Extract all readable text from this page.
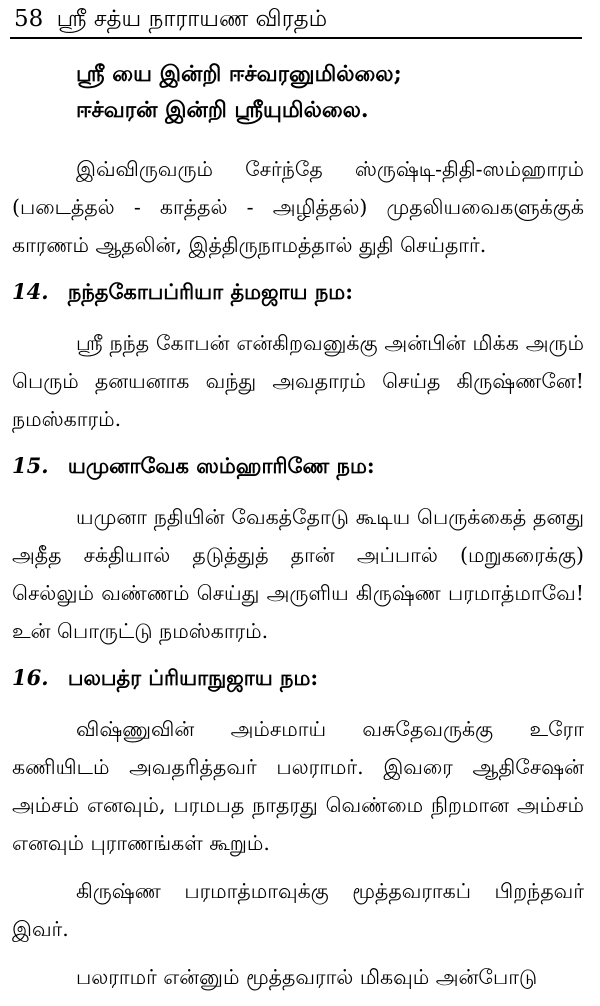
58 ஸ்ரீ சத்ய நாராயண விரதம்
ஸ்ரீ யை இன்றி ஈச்வரனுமில்லை;
ஈச்வரன் இன்றி ஸ்ரீயுமில்லை.

இவ்விருவரும் சேர்ந்தே ஸ்ருஷ்டி-திதி-ஸம்ஹாரம் (படைத்தல் - காத்தல் - அழித்தல்) முதலியவைகளுக்குக் காரணம் ஆதலின், இத்திருநாமத்தால் துதி செய்தார்.

14. நந்தகோபப்ரியா த்மஜாய நம:

ஸ்ரீ நந்த கோபன் என்கிறவனுக்கு அன்பின் மிக்க அரும் பெரும் தனயனாக வந்து அவதாரம் செய்த கிருஷ்ணனே! நமஸ்காரம்.

15. யமுனாவேக ஸம்ஹாரிணே நம:

யமுனா நதியின் வேகத்தோடு கூடிய பெருக்கைத் தனது அதீத சக்தியால் தடுத்துத் தான் அப்பால் (மறுகரைக்கு) செல்லும் வண்ணம் செய்து அருளிய கிருஷ்ண பரமாத்மாவே! உன் பொருட்டு நமஸ்காரம்.

16. பலபத்ர ப்ரியாநுஜாய நம:

விஷ்ணுவின் அம்சமாய் வசுதேவருக்கு உரோ கணியிடம் அவதரித்தவர் பலராமர். இவரை ஆதிசேஷன் அம்சம் எனவும், பரமபத நாதரது வெண்மை நிறமான அம்சம் எனவும் புராணங்கள் கூறும்.

கிருஷ்ண பரமாத்மாவுக்கு மூத்தவராகப் பிறந்தவர் இவர்.

பலராமர் என்னும் மூத்தவரால் மிகவும் அன்போடு
